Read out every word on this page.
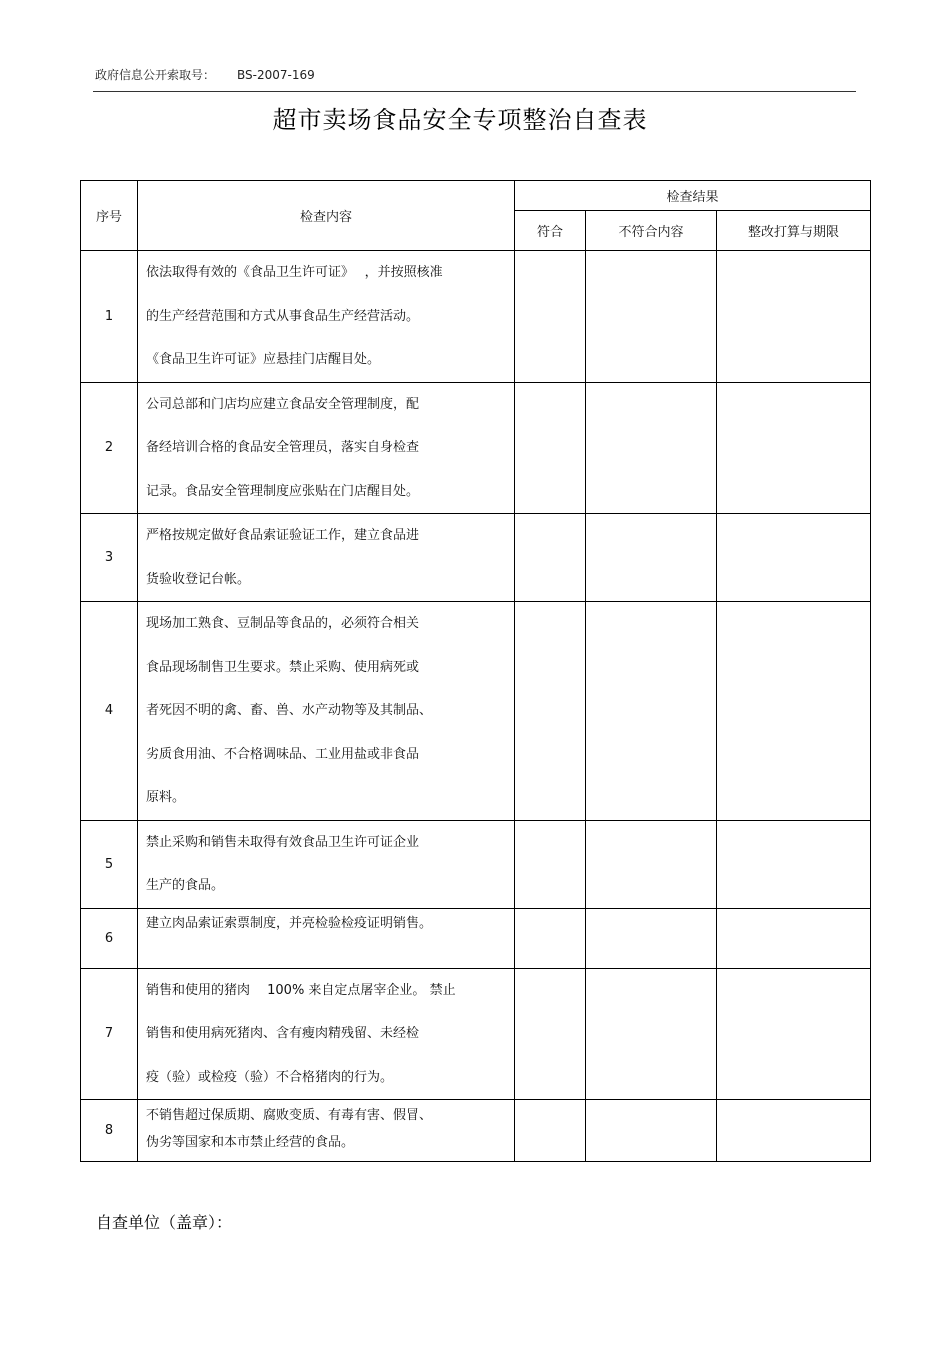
政府信息公开索取号： BS-2007-169
超市卖场食品安全专项整治自查表
序号	检查内容	检查结果		
		符合	不符合内容	整改打算与期限
1	依法取得有效的《食品卫生许可证》　 ，并按照核准
的生产经营范围和方式从事食品生产经营活动。
《食品卫生许可证》应悬挂门店醒目处。			

2	公司总部和门店均应建立食品安全管理制度，配
备经培训合格的食品安全管理员，落实自身检查
记录。食品安全管理制度应张贴在门店醒目处。			

3	严格按规定做好食品索证验证工作，建立食品进
货验收登记台帐。			

4	现场加工熟食、豆制品等食品的，必须符合相关
食品现场制售卫生要求。禁止采购、使用病死或
者死因不明的禽、畜、兽、水产动物等及其制品、
劣质食用油、不合格调味品、工业用盐或非食品
原料。			

5	禁止采购和销售未取得有效食品卫生许可证企业
生产的食品。			

6	建立肉品索证索票制度，并亮检验检疫证明销售。			

7	销售和使用的猪肉　 100% 来自定点屠宰企业。 禁止
销售和使用病死猪肉、含有瘦肉精残留、未经检
疫（验）或检疫（验）不合格猪肉的行为。			

8	不销售超过保质期、腐败变质、有毒有害、假冒、
伪劣等国家和本市禁止经营的食品。			

自查单位（盖章）：
